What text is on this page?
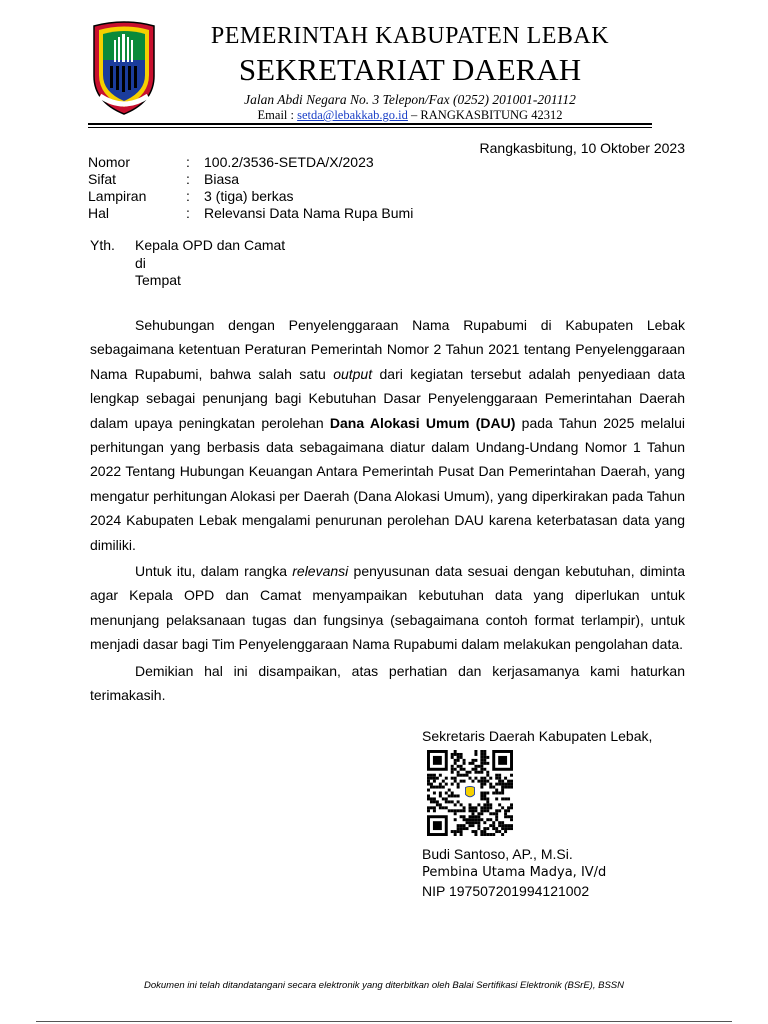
PEMERINTAH KABUPATEN LEBAK
SEKRETARIAT DAERAH
Jalan Abdi Negara No. 3 Telepon/Fax (0252) 201001-201112
Email : setda@lebakkab.go.id – RANGKASBITUNG 42312
Rangkasbitung, 10 Oktober 2023
Nomor	:	100.2/3536-SETDA/X/2023
Sifat	:	Biasa
Lampiran	:	3 (tiga) berkas
Hal	:	Relevansi Data Nama Rupa Bumi
Yth. Kepala OPD dan Camat
di
Tempat

Sehubungan dengan Penyelenggaraan Nama Rupabumi di Kabupaten Lebak sebagaimana ketentuan Peraturan Pemerintah Nomor 2 Tahun 2021 tentang Penyelenggaraan Nama Rupabumi, bahwa salah satu output dari kegiatan tersebut adalah penyediaan data lengkap sebagai penunjang bagi Kebutuhan Dasar Penyelenggaraan Pemerintahan Daerah dalam upaya peningkatan perolehan Dana Alokasi Umum (DAU) pada Tahun 2025 melalui perhitungan yang berbasis data sebagaimana diatur dalam Undang-Undang Nomor 1 Tahun 2022 Tentang Hubungan Keuangan Antara Pemerintah Pusat Dan Pemerintahan Daerah, yang mengatur perhitungan Alokasi per Daerah (Dana Alokasi Umum), yang diperkirakan pada Tahun 2024 Kabupaten Lebak mengalami penurunan perolehan DAU karena keterbatasan data yang dimiliki.

Untuk itu, dalam rangka relevansi penyusunan data sesuai dengan kebutuhan, diminta agar Kepala OPD dan Camat menyampaikan kebutuhan data yang diperlukan untuk menunjang pelaksanaan tugas dan fungsinya (sebagaimana contoh format terlampir), untuk menjadi dasar bagi Tim Penyelenggaraan Nama Rupabumi dalam melakukan pengolahan data.

Demikian hal ini disampaikan, atas perhatian dan kerjasamanya kami haturkan terimakasih.

Sekretaris Daerah Kabupaten Lebak,
Budi Santoso, AP., M.Si.
Pembina Utama Madya, IV/d
NIP 197507201994121002
Dokumen ini telah ditandatangani secara elektronik yang diterbitkan oleh Balai Sertifikasi Elektronik (BSrE), BSSN
